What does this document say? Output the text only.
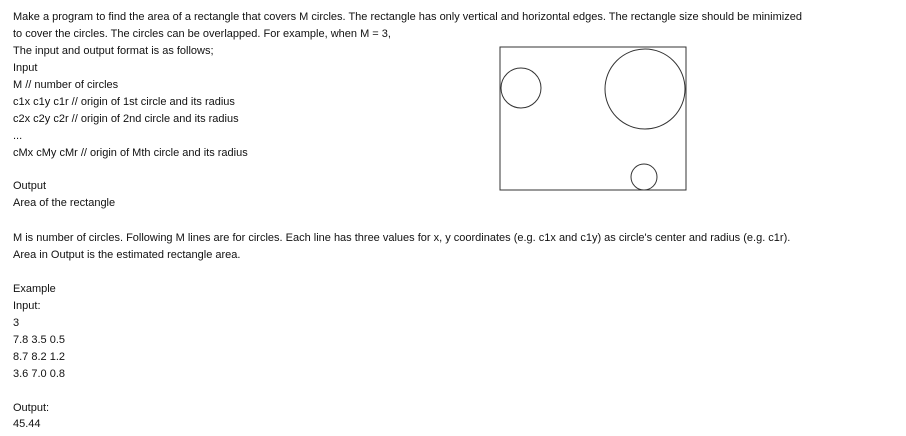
Make a program to find the area of a rectangle that covers M circles. The rectangle has only vertical and horizontal edges. The rectangle size should be minimized
to cover the circles. The circles can be overlapped. For example, when M = 3,
The input and output format is as follows;
Input
M // number of circles
c1x c1y c1r // origin of 1st circle and its radius
c2x c2y c2r // origin of 2nd circle and its radius
...
cMx cMy cMr // origin of Mth circle and its radius
Output
Area of the rectangle
M is number of circles. Following M lines are for circles. Each line has three values for x, y coordinates (e.g. c1x and c1y) as circle's center and radius (e.g. c1r).
Area in Output is the estimated rectangle area.
Example
Input:
3
7.8 3.5 0.5
8.7 8.2 1.2
3.6 7.0 0.8
Output:
45.44
